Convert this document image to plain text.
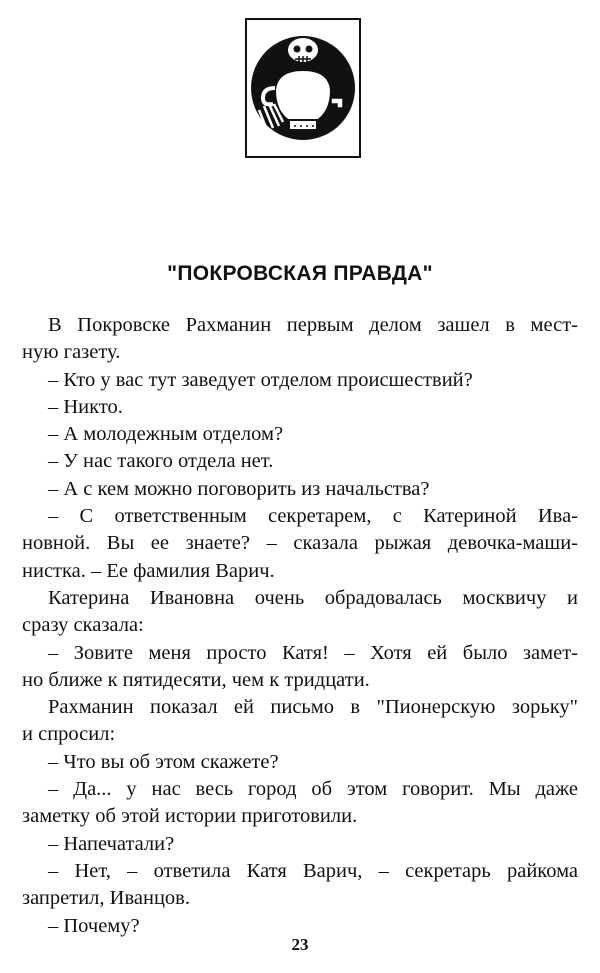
"ПОКРОВСКАЯ ПРАВДА"
В Покровске Рахманин первым делом зашел в мест-
ную газету.
– Кто у вас тут заведует отделом происшествий?
– Никто.
– А молодежным отделом?
– У нас такого отдела нет.
– А с кем можно поговорить из начальства?
– С ответственным секретарем, с Катериной Ива-
новной. Вы ее знаете? – сказала рыжая девочка-маши-
нистка. – Ее фамилия Варич.
Катерина Ивановна очень обрадовалась москвичу и
сразу сказала:
– Зовите меня просто Катя! – Хотя ей было замет-
но ближе к пятидесяти, чем к тридцати.
Рахманин показал ей письмо в "Пионерскую зорьку"
и спросил:
– Что вы об этом скажете?
– Да... у нас весь город об этом говорит. Мы даже
заметку об этой истории приготовили.
– Напечатали?
– Нет, – ответила Катя Варич, – секретарь райкома
запретил, Иванцов.
– Почему?
23
